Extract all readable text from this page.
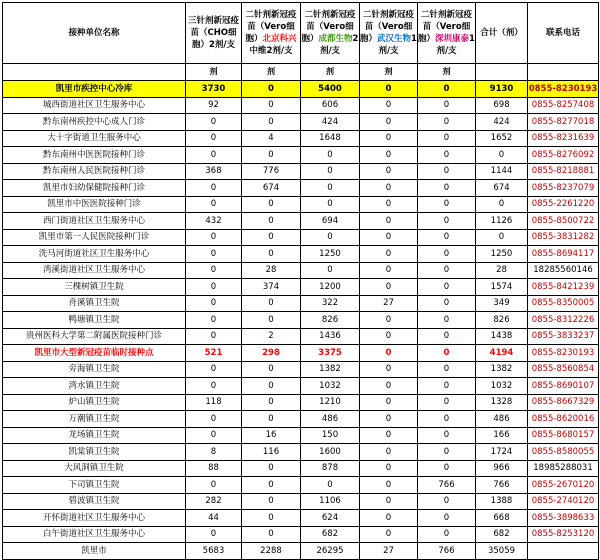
接种单位名称	三针剂新冠疫苗（CHO细胞）2剂/支	二针剂新冠疫苗（Vero细胞）北京科兴中维2剂/支	二针剂新冠疫苗（Vero细胞）成都生物2剂/支	二针剂新冠疫苗（Vero细胞）武汉生物1剂/支	二针剂新冠疫苗（Vero细胞）深圳康泰1剂/支	合计（剂）	联系电话
	剂	剂	剂	剂	剂		
凯里市疾控中心冷库	3730	0	5400	0	0	9130	0855-8230193
城西街道社区卫生服务中心	92	0	606	0	0	698	0855-8257408
黔东南州疾控中心成人门诊	0	0	424	0	0	424	0855-8277018
大十字街道卫生服务中心	0	4	1648	0	0	1652	0855-8231639
黔东南州中医医院接种门诊	0	0	0	0	0	0	0855-8276092
黔东南州人民医院接种门诊	368	776	0	0	0	1144	0855-8218881
凯里市妇幼保健院接种门诊	0	674	0	0	0	674	0855-8237079
凯里市中医医院接种门诊	0	0	0	0	0	0	0855-2261220
西门街道社区卫生服务中心	432	0	694	0	0	1126	0855-8500722
凯里市第一人民医院接种门诊	0	0	0	0	0	0	0855-3831282
洗马河街道社区卫生服务中心	0	0	1250	0	0	1250	0855-8694117
湾溪街道社区卫生服务中心	0	28	0	0	0	28	18285560146
三棵树镇卫生院	0	374	1200	0	0	1574	0855-8421239
舟溪镇卫生院	0	0	322	27	0	349	0855-8350005
鸭塘镇卫生院	0	0	826	0	0	826	0855-8312226
贵州医科大学第二附属医院接种门诊	0	2	1436	0	0	1438	0855-3833237
凯里市大型新冠疫苗临时接种点	521	298	3375	0	0	4194	0855-8230193
旁海镇卫生院	0	0	1382	0	0	1382	0855-8560854
湾水镇卫生院	0	0	1032	0	0	1032	0855-8690107
炉山镇卫生院	118	0	1210	0	0	1328	0855-8667329
万潮镇卫生院	0	0	486	0	0	486	0855-8620016
龙场镇卫生院	0	16	150	0	0	166	0855-8680157
凯棠镇卫生院	8	116	1600	0	0	1724	0855-8580055
大风洞镇卫生院	88	0	878	0	0	966	18985288031
下司镇卫生院	0	0	0	0	766	766	0855-2670120
碧波镇卫生院	282	0	1106	0	0	1388	0855-2740120
开怀街道社区卫生服务中心	44	0	624	0	0	668	0855-3898633
白午街道社区卫生服务中心	0	0	682	0	0	682	0855-8253120
凯里市	5683	2288	26295	27	766	35059	
